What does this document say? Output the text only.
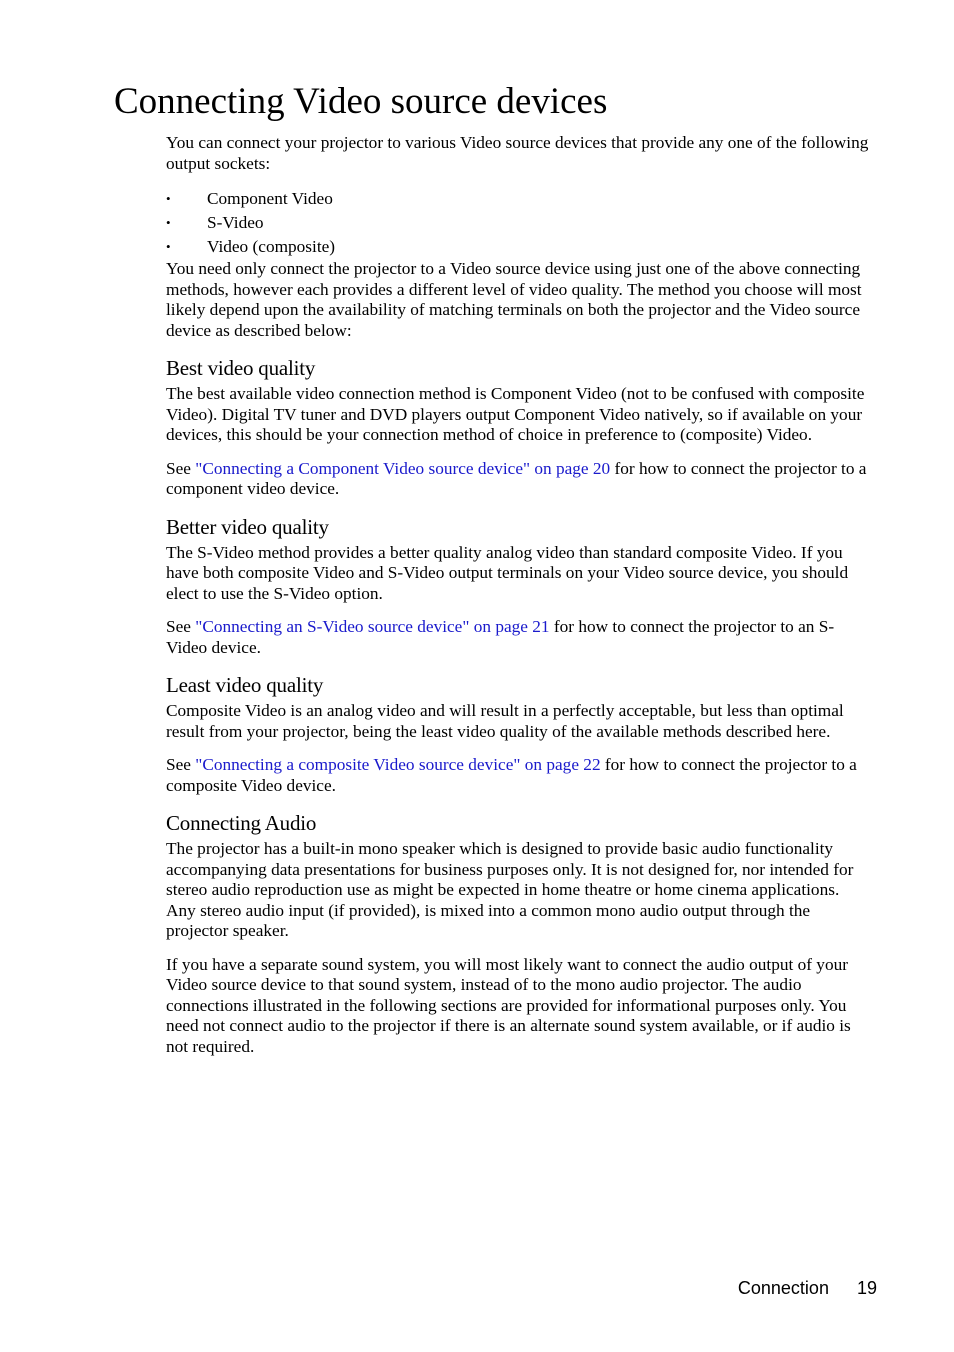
Connecting Video source devices

You can connect your projector to various Video source devices that provide any one of the following output sockets:

• Component Video
• S-Video
• Video (composite)

You need only connect the projector to a Video source device using just one of the above connecting methods, however each provides a different level of video quality. The method you choose will most likely depend upon the availability of matching terminals on both the projector and the Video source device as described below:

Best video quality

The best available video connection method is Component Video (not to be confused with composite Video). Digital TV tuner and DVD players output Component Video natively, so if available on your devices, this should be your connection method of choice in preference to (composite) Video.

See "Connecting a Component Video source device" on page 20 for how to connect the projector to a component video device.

Better video quality

The S-Video method provides a better quality analog video than standard composite Video. If you have both composite Video and S-Video output terminals on your Video source device, you should elect to use the S-Video option.

See "Connecting an S-Video source device" on page 21 for how to connect the projector to an S-Video device.

Least video quality

Composite Video is an analog video and will result in a perfectly acceptable, but less than optimal result from your projector, being the least video quality of the available methods described here.

See "Connecting a composite Video source device" on page 22 for how to connect the projector to a composite Video device.

Connecting Audio

The projector has a built-in mono speaker which is designed to provide basic audio functionality accompanying data presentations for business purposes only. It is not designed for, nor intended for stereo audio reproduction use as might be expected in home theatre or home cinema applications. Any stereo audio input (if provided), is mixed into a common mono audio output through the projector speaker.

If you have a separate sound system, you will most likely want to connect the audio output of your Video source device to that sound system, instead of to the mono audio projector. The audio connections illustrated in the following sections are provided for informational purposes only. You need not connect audio to the projector if there is an alternate sound system available, or if audio is not required.

Connection 19
